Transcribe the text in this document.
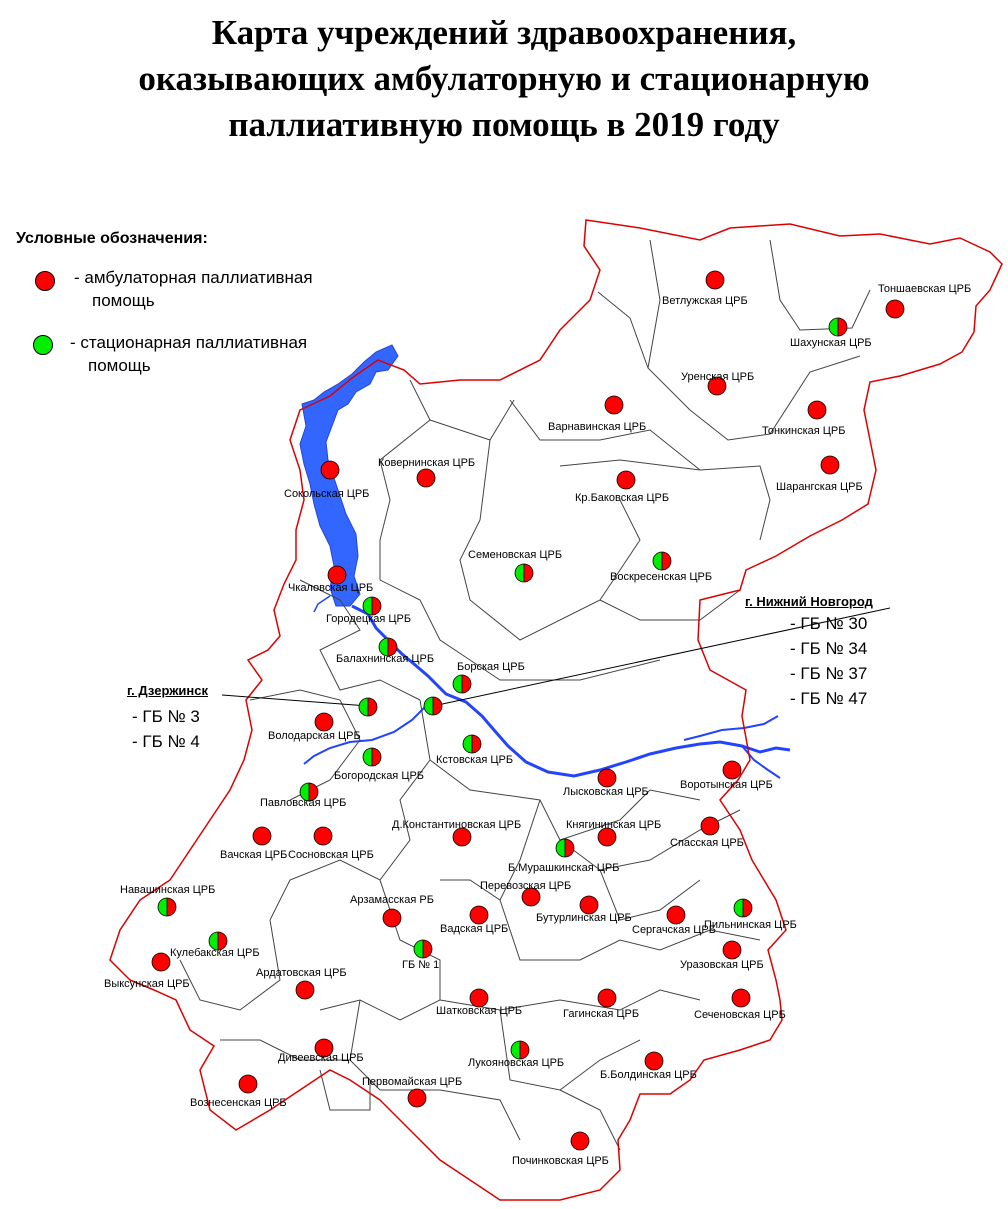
Карта учреждений здравоохранения,
оказывающих амбулаторную и стационарную
паллиативную помощь в 2019 году
Ветлужская ЦРБ
Тоншаевская ЦРБ
Шахунская ЦРБ
Уренская ЦРБ
Варнавинская ЦРБ	Тонкинская ЦРБ
Шарангская ЦРБ
Ковернинская ЦРБ
Сокольская ЦРБ	Кр.Баковская ЦРБ
Семеновская ЦРБ
Воскресенская ЦРБ
Чкаловская ЦРБ
Городецкая ЦРБ
Балахнинская ЦРБ
Борская ЦРБ
Володарская ЦРБ
Кстовская ЦРБ
Богородская ЦРБ
Павловская ЦРБ
Лысковская ЦРБ
Воротынская ЦРБ
Д.Константиновская ЦРБ	Княгининская ЦРБ
Спасская ЦРБ
Вачская ЦРБ Сосновская ЦРБ
Б.Мурашкинская ЦРБ
Навашинская ЦРБ
Арзамасская РБ
Перевозская ЦРБ
Бутурлинская ЦРБ
Пильнинская ЦРБ
Вадская ЦРБ	Сергачская ЦРБ
Кулебакская ЦРБ
ГБ № 1	Уразовская ЦРБ
Выксунская ЦРБ
Ардатовская ЦРБ
Шатковская ЦРБ	Гагинская ЦРБ	Сеченовская ЦРБ
Дивеевская ЦРБ	Лукояновская ЦРБ
Б.Болдинская ЦРБ
Вознесенская ЦРБ
Первомайская ЦРБ
Починковская ЦРБ
Условные обозначения:
- амбулаторная паллиативная
помощь
- стационарная паллиативная
помощь
г. Нижний Новгород
- ГБ № 30
- ГБ № 34
- ГБ № 37
- ГБ № 47
г. Дзержинск
- ГБ № 3
- ГБ № 4
